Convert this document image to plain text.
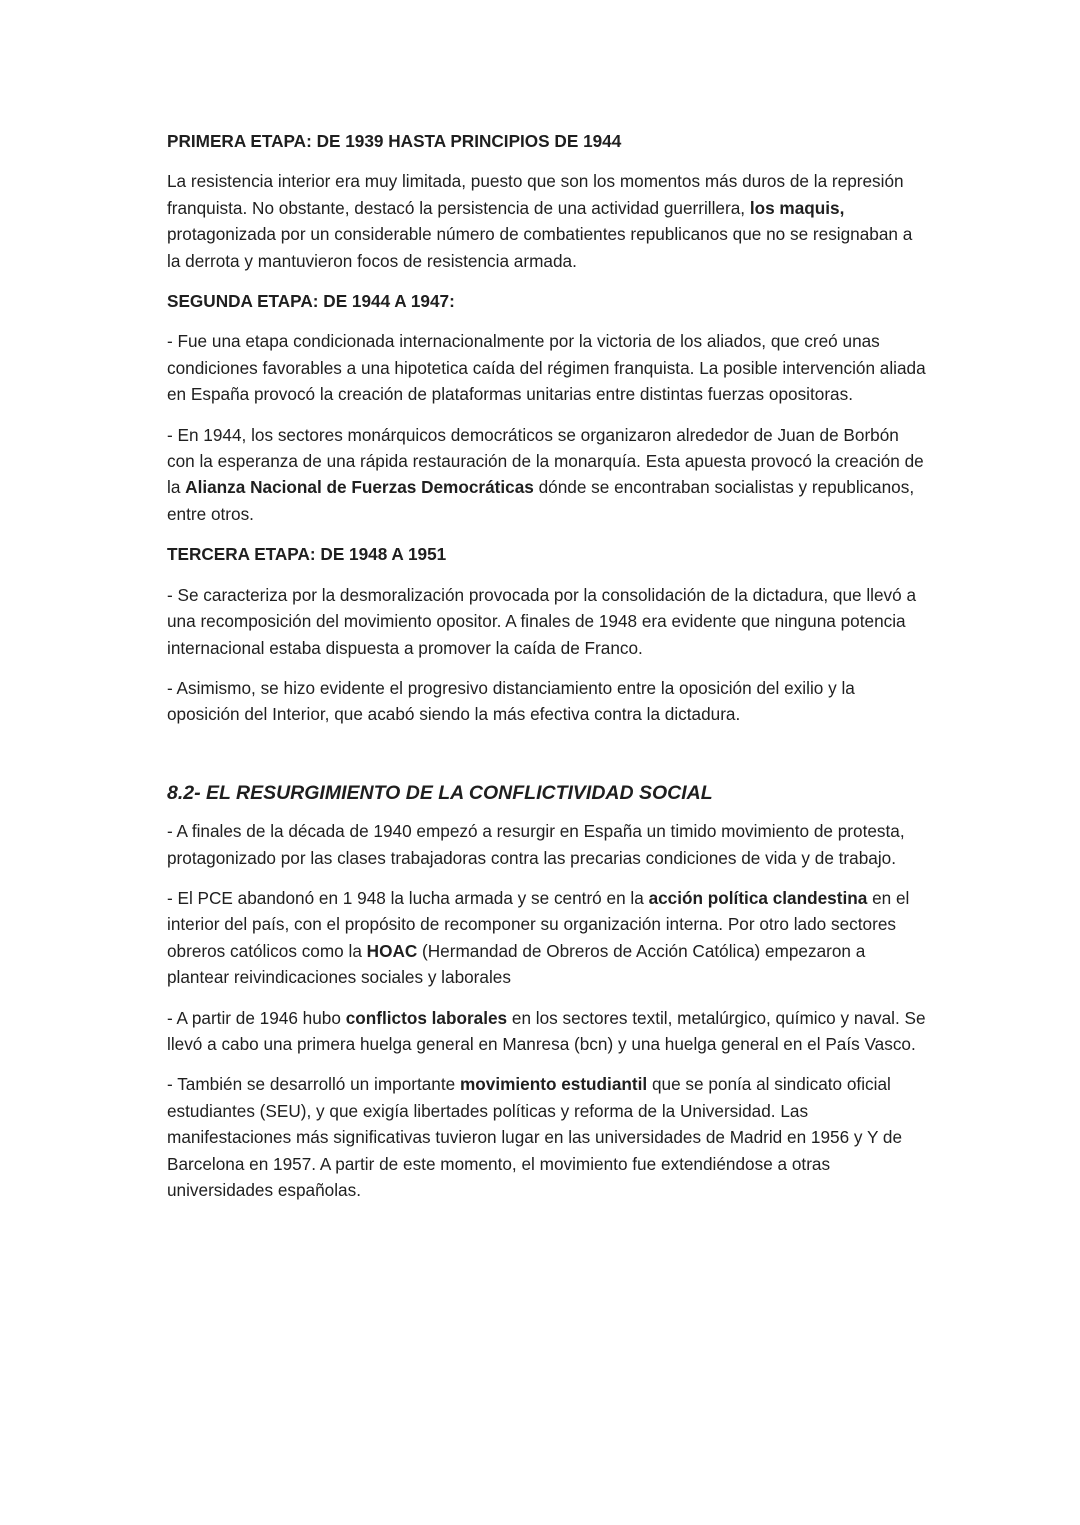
PRIMERA ETAPA: DE 1939 HASTA PRINCIPIOS DE 1944

La resistencia interior era muy limitada, puesto que son los momentos más duros de la represión franquista. No obstante, destacó la persistencia de una actividad guerrillera, los maquis, protagonizada por un considerable número de combatientes republicanos que no se resignaban a la derrota y mantuvieron focos de resistencia armada.

SEGUNDA ETAPA: DE 1944 A 1947:

- Fue una etapa condicionada internacionalmente por la victoria de los aliados, que creó unas condiciones favorables a una hipotetica caída del régimen franquista. La posible intervención aliada en España provocó la creación de plataformas unitarias entre distintas fuerzas opositoras.

- En 1944, los sectores monárquicos democráticos se organizaron alrededor de Juan de Borbón con la esperanza de una rápida restauración de la monarquía. Esta apuesta provocó la creación de la Alianza Nacional de Fuerzas Democráticas dónde se encontraban socialistas y republicanos, entre otros.

TERCERA ETAPA: DE 1948 A 1951

- Se caracteriza por la desmoralización provocada por la consolidación de la dictadura, que llevó a una recomposición del movimiento opositor. A finales de 1948 era evidente que ninguna potencia internacional estaba dispuesta a promover la caída de Franco.

- Asimismo, se hizo evidente el progresivo distanciamiento entre la oposición del exilio y la oposición del Interior, que acabó siendo la más efectiva contra la dictadura.

8.2- EL RESURGIMIENTO DE LA CONFLICTIVIDAD SOCIAL

- A finales de la década de 1940 empezó a resurgir en España un timido movimiento de protesta, protagonizado por las clases trabajadoras contra las precarias condiciones de vida y de trabajo.

- El PCE abandonó en 1 948 la lucha armada y se centró en la acción política clandestina en el interior del país, con el propósito de recomponer su organización interna. Por otro lado sectores obreros católicos como la HOAC (Hermandad de Obreros de Acción Católica) empezaron a plantear reivindicaciones sociales y laborales

- A partir de 1946 hubo conflictos laborales en los sectores textil, metalúrgico, químico y naval. Se llevó a cabo una primera huelga general en Manresa (bcn) y una huelga general en el País Vasco.

- También se desarrolló un importante movimiento estudiantil que se ponía al sindicato oficial estudiantes (SEU), y que exigía libertades políticas y reforma de la Universidad. Las manifestaciones más significativas tuvieron lugar en las universidades de Madrid en 1956 y Y de Barcelona en 1957. A partir de este momento, el movimiento fue extendiéndose a otras universidades españolas.
